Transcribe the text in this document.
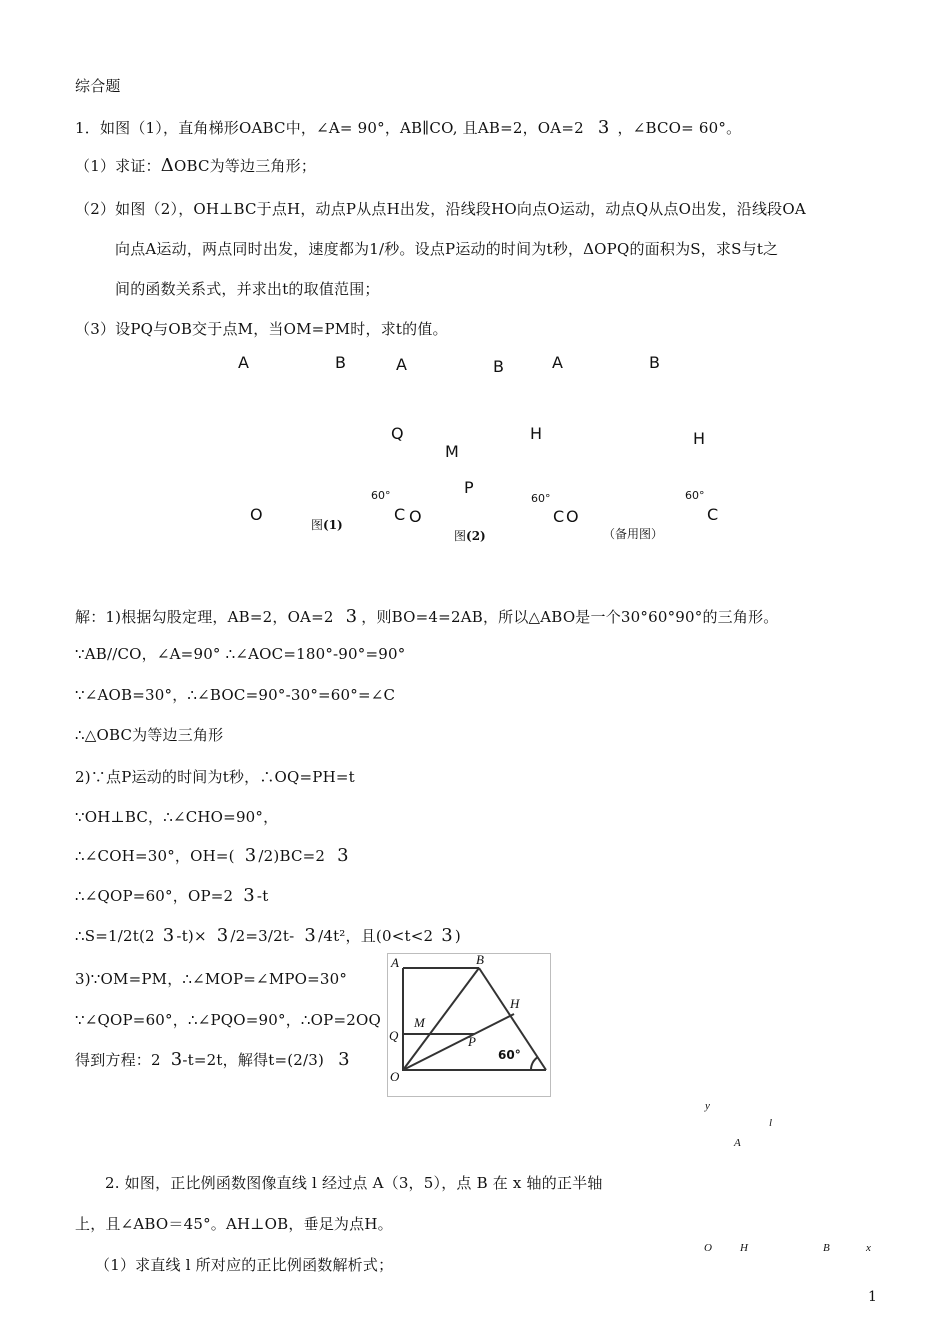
综合题
1．如图（1），直角梯形OABC中，∠A= 90°，AB∥CO, 且AB=2，OA=2 3 ，∠BCO= 60°。
（1）求证：ΔOBC为等边三角形；
（2）如图（2），OH⊥BC于点H，动点P从点H出发，沿线段HO向点O运动，动点Q从点O出发，沿线段OA
向点A运动，两点同时出发，速度都为1/秒。设点P运动的时间为t秒，ΔOPQ的面积为S，求S与t之
间的函数关系式，并求出t的取值范围；
（3）设PQ与OB交于点M，当OM=PM时，求t的值。
A	B
O
60°
C
图(1)
A	B
Q
M
H
P
O
60°
C
图(2)
A	B
H
O
60°
C
（备用图）
解：1)根据勾股定理，AB=2，OA=2 3 ，则BO=4=2AB，所以△ABO是一个30°60°90°的三角形。
∵AB//CO，∠A=90° ∴∠AOC=180°-90°=90°
∵∠AOB=30°，∴∠BOC=90°-30°=60°=∠C
∴△OBC为等边三角形
2)∵点P运动的时间为t秒，∴OQ=PH=t
∵OH⊥BC，∴∠CHO=90°，
∴∠COH=30°，OH=( 3 /2)BC=2 3
∴∠QOP=60°，OP=2 3 -t
∴S=1/2t(2 3 -t)× 3 /2=3/2t- 3 /4t²，且(0<t<2 3 )
3)∵OM=PM，∴∠MOP=∠MPO=30°
∵∠QOP=60°，∴∠PQO=90°，∴OP=2OQ
得到方程：2 3-t=2t，解得t=(2/3) 3
A	B
H
M
Q	P
O
60°
y
l
A
O	H	B	x
2. 如图，正比例函数图像直线 l 经过点 A（3，5），点 B 在 x 轴的正半轴
上，且∠ABO＝45°。AH⊥OB，垂足为点H。
（1）求直线 l 所对应的正比例函数解析式；
1
